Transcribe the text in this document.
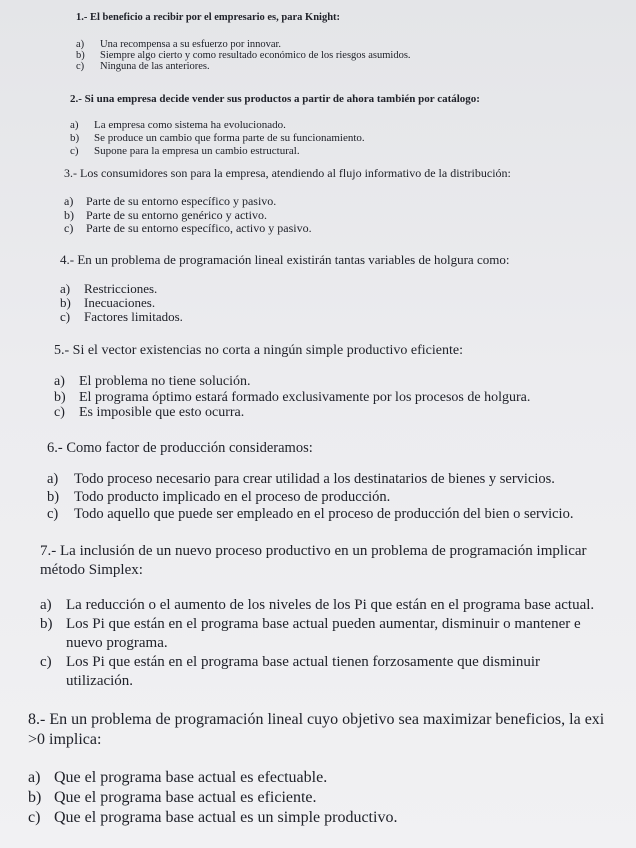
1.- El beneficio a recibir por el empresario es, para Knight:
a) Una recompensa a su esfuerzo por innovar.
b) Siempre algo cierto y como resultado económico de los riesgos asumidos.
c) Ninguna de las anteriores.
2.- Si una empresa decide vender sus productos a partir de ahora también por catálogo:
a) La empresa como sistema ha evolucionado.
b) Se produce un cambio que forma parte de su funcionamiento.
c) Supone para la empresa un cambio estructural.
3.- Los consumidores son para la empresa, atendiendo al flujo informativo de la distribución:
a) Parte de su entorno específico y pasivo.
b) Parte de su entorno genérico y activo.
c) Parte de su entorno específico, activo y pasivo.
4.- En un problema de programación lineal existirán tantas variables de holgura como:
a) Restricciones.
b) Inecuaciones.
c) Factores limitados.
5.- Si el vector existencias no corta a ningún simple productivo eficiente:
a) El problema no tiene solución.
b) El programa óptimo estará formado exclusivamente por los procesos de holgura.
c) Es imposible que esto ocurra.
6.- Como factor de producción consideramos:
a) Todo proceso necesario para crear utilidad a los destinatarios de bienes y servicios.
b) Todo producto implicado en el proceso de producción.
c) Todo aquello que puede ser empleado en el proceso de producción del bien o servicio.
7.- La inclusión de un nuevo proceso productivo en un problema de programación implicar
método Simplex:
a) La reducción o el aumento de los niveles de los Pi que están en el programa base actual.
b) Los Pi que están en el programa base actual pueden aumentar, disminuir o mantener e
nuevo programa.
c) Los Pi que están en el programa base actual tienen forzosamente que disminuir
utilización.
8.- En un problema de programación lineal cuyo objetivo sea maximizar beneficios, la exi
>0 implica:
a) Que el programa base actual es efectuable.
b) Que el programa base actual es eficiente.
c) Que el programa base actual es un simple productivo.
